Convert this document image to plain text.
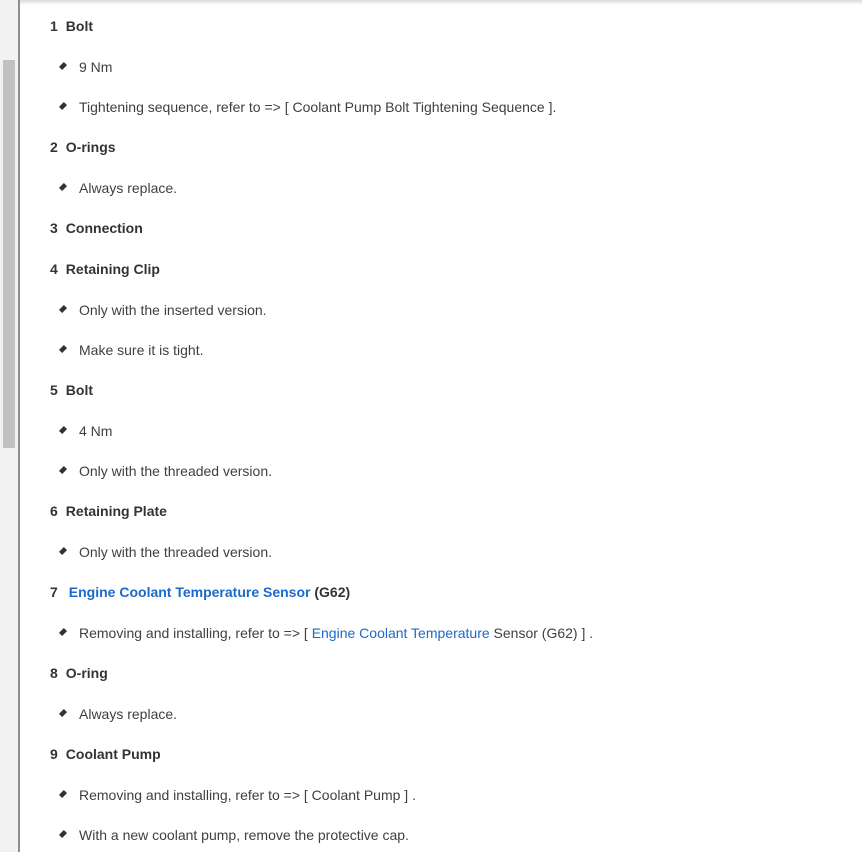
1 Bolt
9 Nm
Tightening sequence, refer to => [ Coolant Pump Bolt Tightening Sequence ].
2 O-rings
Always replace.
3 Connection
4 Retaining Clip
Only with the inserted version.
Make sure it is tight.
5 Bolt
4 Nm
Only with the threaded version.
6 Retaining Plate
Only with the threaded version.
7 Engine Coolant Temperature Sensor (G62)
Removing and installing, refer to => [ Engine Coolant Temperature Sensor (G62) ] .
8 O-ring
Always replace.
9 Coolant Pump
Removing and installing, refer to => [ Coolant Pump ] .
With a new coolant pump, remove the protective cap.
